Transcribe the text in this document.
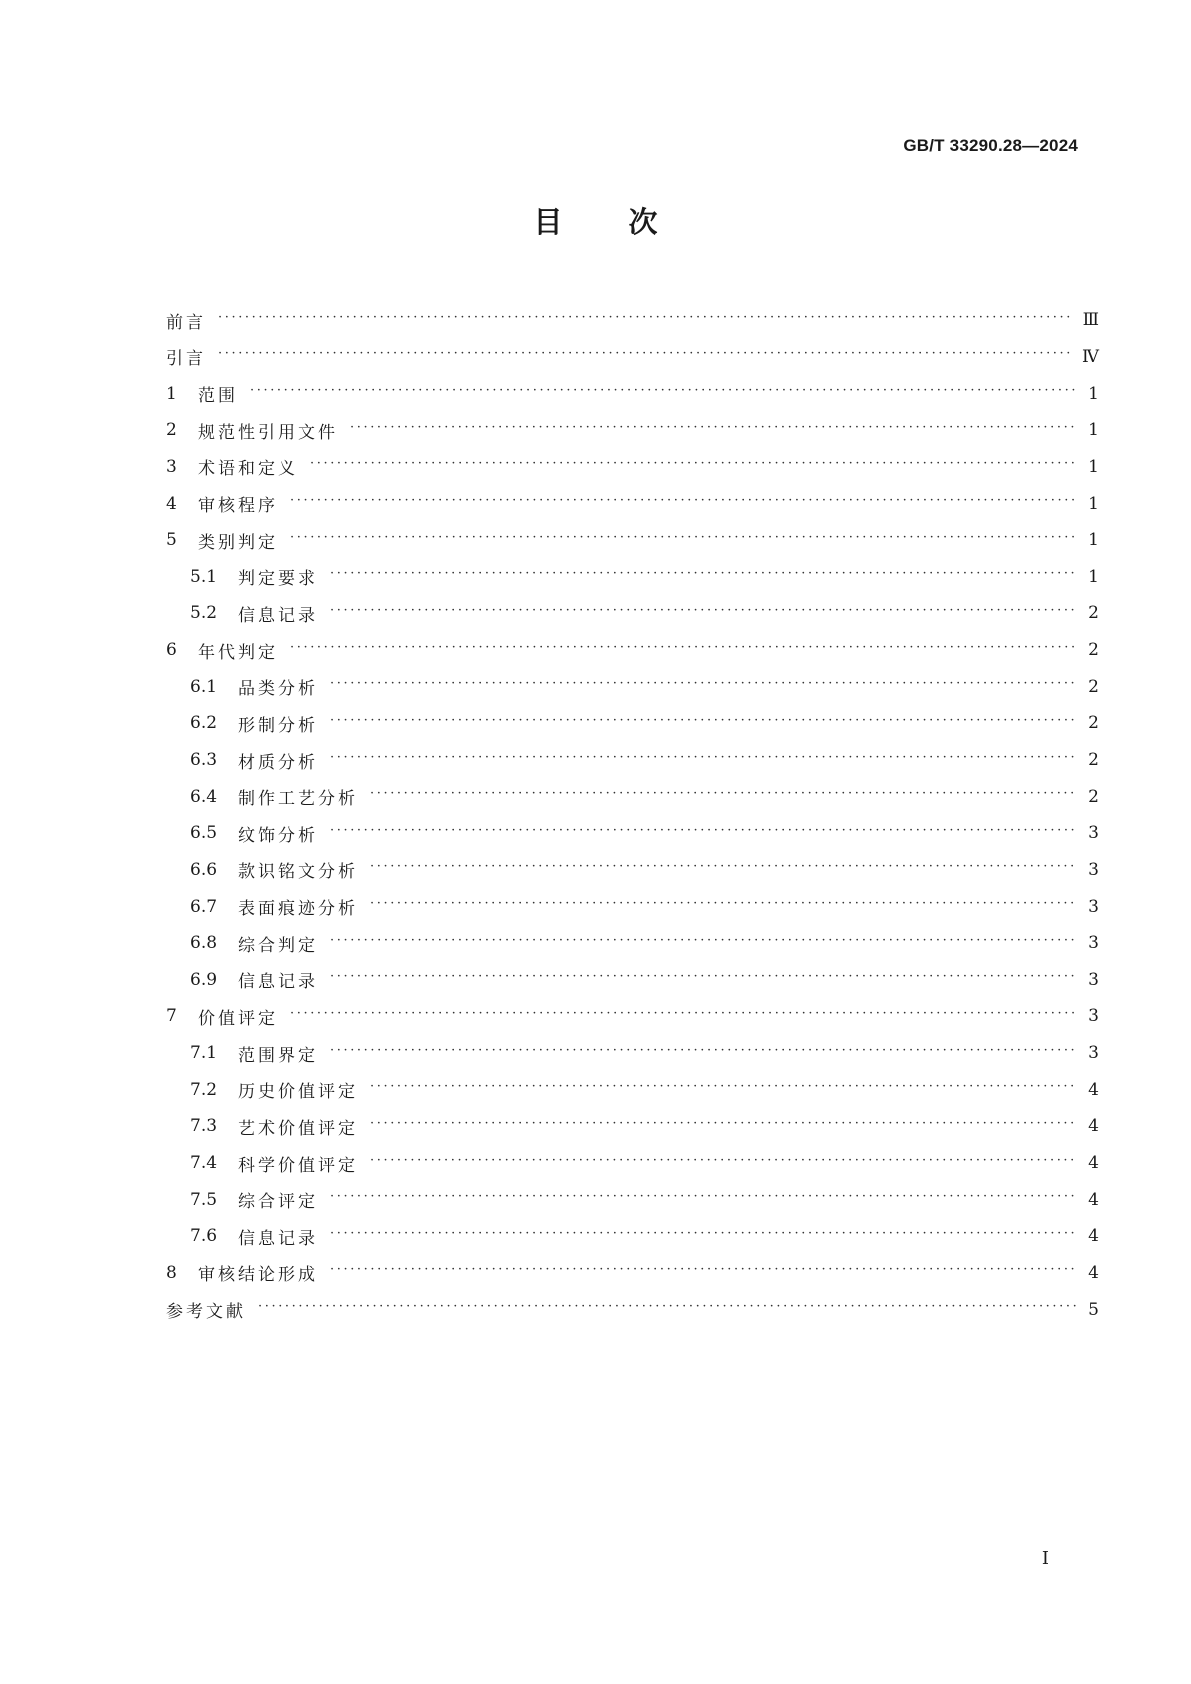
GB/T 33290.28—2024
目次
前言 ·····	Ⅲ
引言 ·····	Ⅳ
1	范围 ·····	1
2	规范性引用文件 ·····	1
3	术语和定义 ·····	1
4	审核程序 ·····	1
5	类别判定 ·····	1
5.1	判定要求 ·····	1
5.2	信息记录 ·····	2
6	年代判定 ·····	2
6.1	品类分析 ·····	2
6.2	形制分析 ·····	2
6.3	材质分析 ·····	2
6.4	制作工艺分析 ·····	2
6.5	纹饰分析 ·····	3
6.6	款识铭文分析 ·····	3
6.7	表面痕迹分析 ·····	3
6.8	综合判定 ·····	3
6.9	信息记录 ·····	3
7	价值评定 ·····	3
7.1	范围界定 ·····	3
7.2	历史价值评定 ·····	4
7.3	艺术价值评定 ·····	4
7.4	科学价值评定 ·····	4
7.5	综合评定 ·····	4
7.6	信息记录 ·····	4
8	审核结论形成 ·····	4
参考文献 ·····	5
I
